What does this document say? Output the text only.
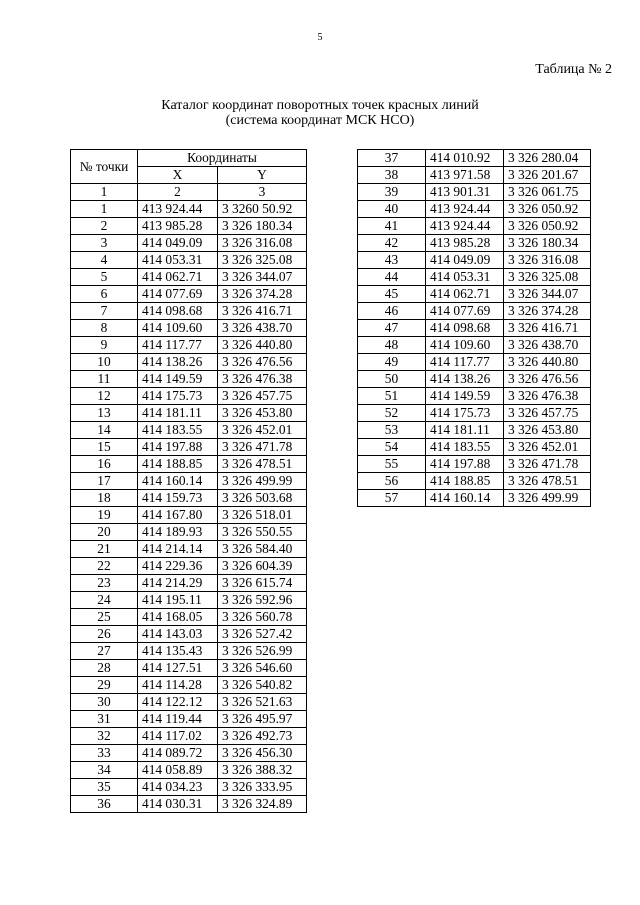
5
Таблица № 2
Каталог координат поворотных точек красных линий
(система координат МСК НСО)
№ точки	Координаты	
	X	Y
1	2	3
1	413 924.44	3 3260 50.92
2	413 985.28	3 326 180.34
3	414 049.09	3 326 316.08
4	414 053.31	3 326 325.08
5	414 062.71	3 326 344.07
6	414 077.69	3 326 374.28
7	414 098.68	3 326 416.71
8	414 109.60	3 326 438.70
9	414 117.77	3 326 440.80
10	414 138.26	3 326 476.56
11	414 149.59	3 326 476.38
12	414 175.73	3 326 457.75
13	414 181.11	3 326 453.80
14	414 183.55	3 326 452.01
15	414 197.88	3 326 471.78
16	414 188.85	3 326 478.51
17	414 160.14	3 326 499.99
18	414 159.73	3 326 503.68
19	414 167.80	3 326 518.01
20	414 189.93	3 326 550.55
21	414 214.14	3 326 584.40
22	414 229.36	3 326 604.39
23	414 214.29	3 326 615.74
24	414 195.11	3 326 592.96
25	414 168.05	3 326 560.78
26	414 143.03	3 326 527.42
27	414 135.43	3 326 526.99
28	414 127.51	3 326 546.60
29	414 114.28	3 326 540.82
30	414 122.12	3 326 521.63
31	414 119.44	3 326 495.97
32	414 117.02	3 326 492.73
33	414 089.72	3 326 456.30
34	414 058.89	3 326 388.32
35	414 034.23	3 326 333.95
36	414 030.31	3 326 324.89
37	414 010.92	3 326 280.04
38	413 971.58	3 326 201.67
39	413 901.31	3 326 061.75
40	413 924.44	3 326 050.92
41	413 924.44	3 326 050.92
42	413 985.28	3 326 180.34
43	414 049.09	3 326 316.08
44	414 053.31	3 326 325.08
45	414 062.71	3 326 344.07
46	414 077.69	3 326 374.28
47	414 098.68	3 326 416.71
48	414 109.60	3 326 438.70
49	414 117.77	3 326 440.80
50	414 138.26	3 326 476.56
51	414 149.59	3 326 476.38
52	414 175.73	3 326 457.75
53	414 181.11	3 326 453.80
54	414 183.55	3 326 452.01
55	414 197.88	3 326 471.78
56	414 188.85	3 326 478.51
57	414 160.14	3 326 499.99
